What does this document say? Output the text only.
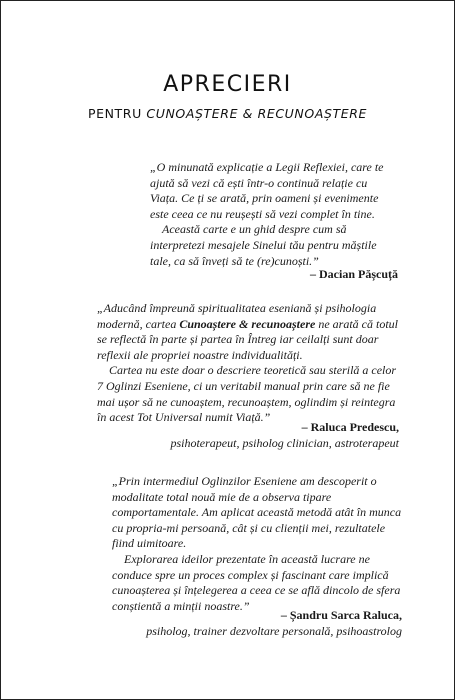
APRECIERI
PENTRU CUNOAȘTERE & RECUNOAȘTERE

„O minunată explicație a Legii Reflexiei, care te ajută să vezi că ești într-o continuă relație cu Viața. Ce ți se arată, prin oameni și evenimente este ceea ce nu reușești să vezi complet în tine.

Această carte e un ghid despre cum să interpretezi mesajele Sinelui tău pentru măștile tale, ca să înveți să te (re)cunoști.”

– Dacian Pășcuță

„Aducând împreună spiritualitatea eseniană și psihologia modernă, cartea Cunoaștere & recunoaștere ne arată că totul se reflectă în parte și partea în Întreg iar ceilalți sunt doar reflexii ale propriei noastre individualități.

Cartea nu este doar o descriere teoretică sau sterilă a celor 7 Oglinzi Eseniene, ci un veritabil manual prin care să ne fie mai ușor să ne cunoaștem, recunoaștem, oglindim și reintegra în acest Tot Universal numit Viață.”

– Raluca Predescu,
psihoterapeut, psiholog clinician, astroterapeut

„Prin intermediul Oglinzilor Eseniene am descoperit o modalitate total nouă mie de a observa tipare comportamentale. Am aplicat această metodă atât în munca cu propria-mi persoană, cât și cu clienții mei, rezultatele fiind uimitoare.

Explorarea ideilor prezentate în această lucrare ne conduce spre un proces complex și fascinant care implică cunoașterea și înțelegerea a ceea ce se află dincolo de sfera conștientă a minții noastre.”

– Șandru Sarca Raluca,
psiholog, trainer dezvoltare personală, psihoastrolog
